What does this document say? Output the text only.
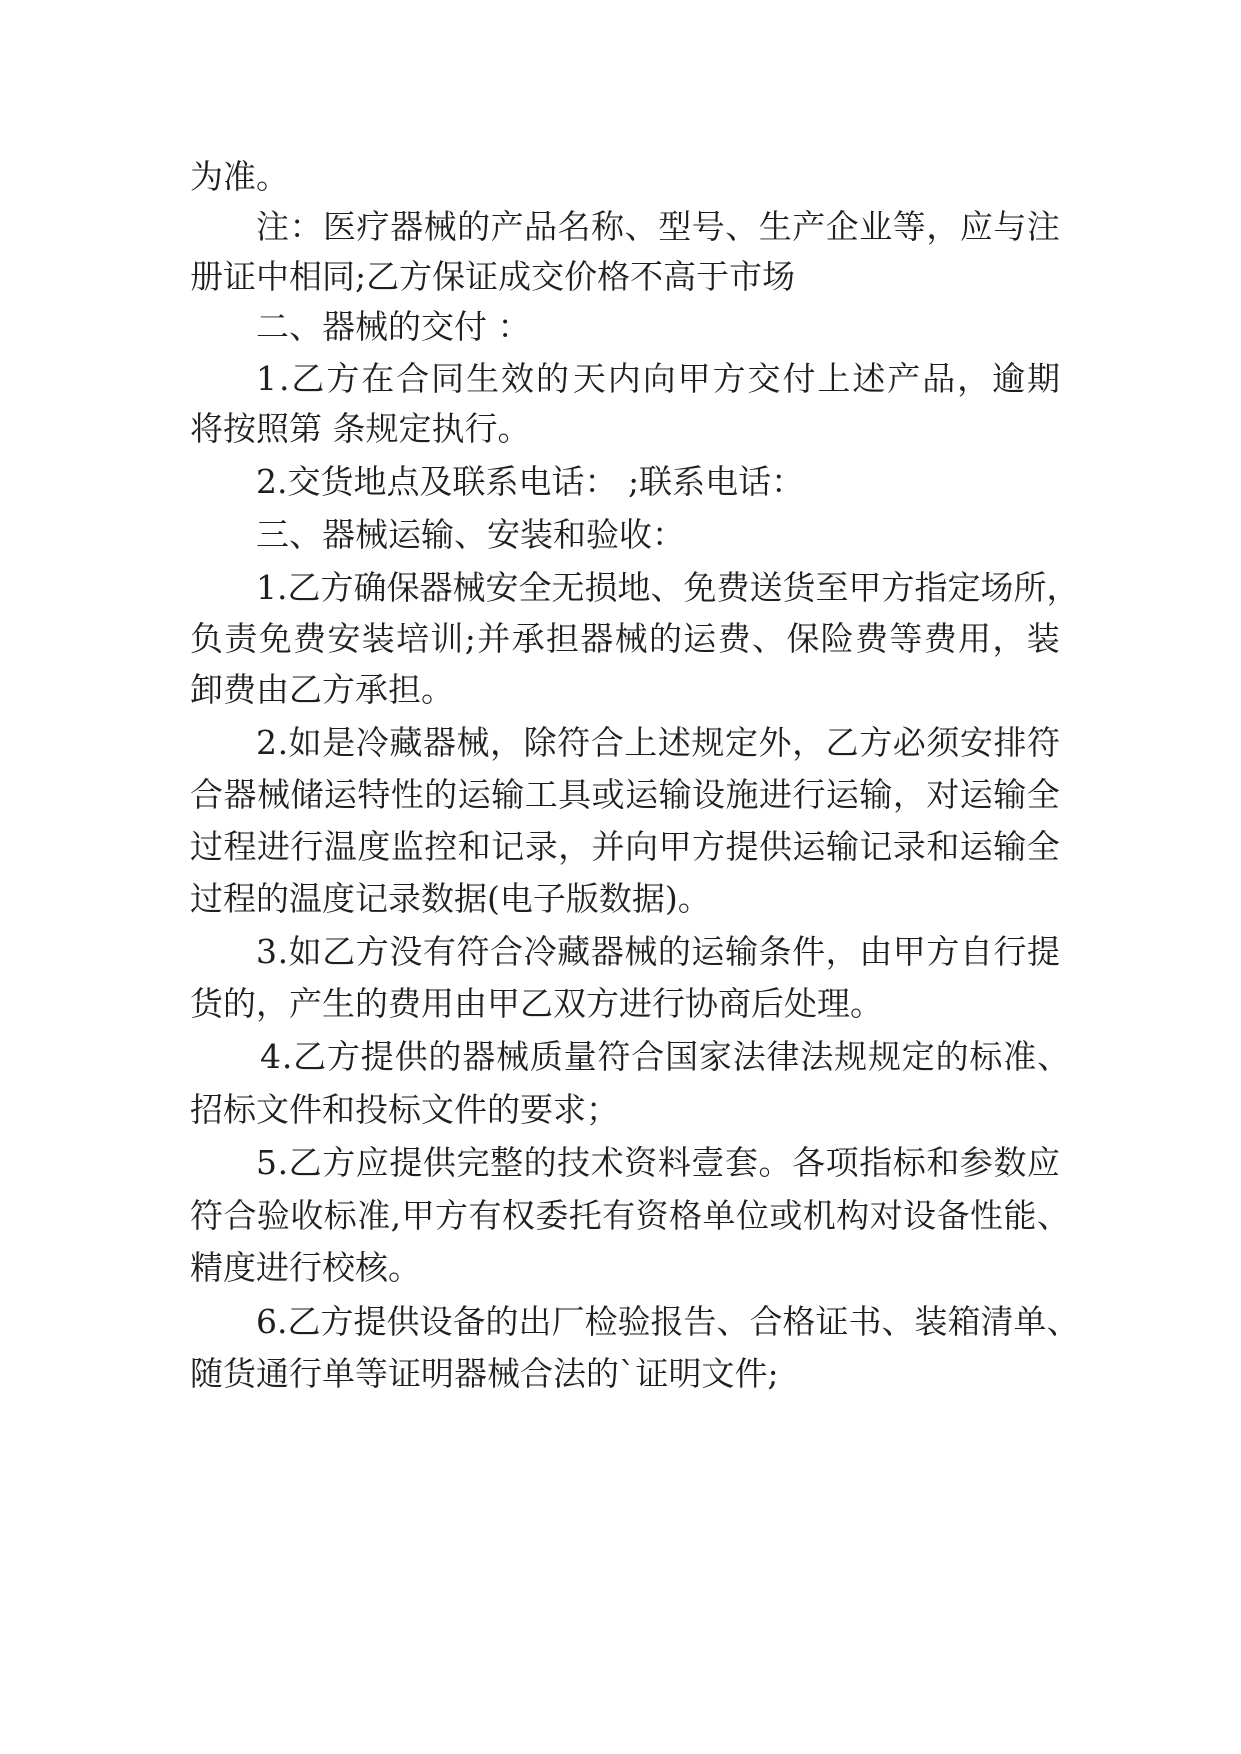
为准。
注 ： 医 疗 器 械 的 产 品 名 称 、 型 号 、 生 产 企 业 等 ， 应 与 注
册证中相同;乙方保证成交价格不高于市场
二、器械的交付 ：
1 . 乙 方 在 合 同 生 效 的 天 内 向 甲 方 交 付 上 述 产 品 ， 逾 期
将按照第 条规定执行。
2.交货地点及联系电话： ;联系电话：
三、器械运输、安装和验收：
1 . 乙 方 确 保 器 械 安 全 无 损 地 、 免 费 送 货 至 甲 方 指 定 场 所 ，
负 责 免 费 安 装 培 训 ; 并 承 担 器 械 的 运 费 、 保 险 费 等 费 用 ， 装
卸费由乙方承担。
2 . 如 是 冷 藏 器 械 ， 除 符 合 上 述 规 定 外 ， 乙 方 必 须 安 排 符
合 器 械 储 运 特 性 的 运 输 工 具 或 运 输 设 施 进 行 运 输 ， 对 运 输 全
过 程 进 行 温 度 监 控 和 记 录 ， 并 向 甲 方 提 供 运 输 记 录 和 运 输 全
过程的温度记录数据(电子版数据)。
3 . 如 乙 方 没 有 符 合 冷 藏 器 械 的 运 输 条 件 ， 由 甲 方 自 行 提
货的，产生的费用由甲乙双方进行协商后处理。
4 . 乙 方 提 供 的 器 械 质 量 符 合 国 家 法 律 法 规 规 定 的 标 准 、
招标文件和投标文件的要求；
5 . 乙 方 应 提 供 完 整 的 技 术 资 料 壹 套 。 各 项 指 标 和 参 数 应
符 合 验 收 标 准 , 甲 方 有 权 委 托 有 资 格 单 位 或 机 构 对 设 备 性 能 、
精度进行校核。
6 . 乙 方 提 供 设 备 的 出 厂 检 验 报 告 、 合 格 证 书 、 装 箱 清 单 、
随货通行单等证明器械合法的`证明文件;
